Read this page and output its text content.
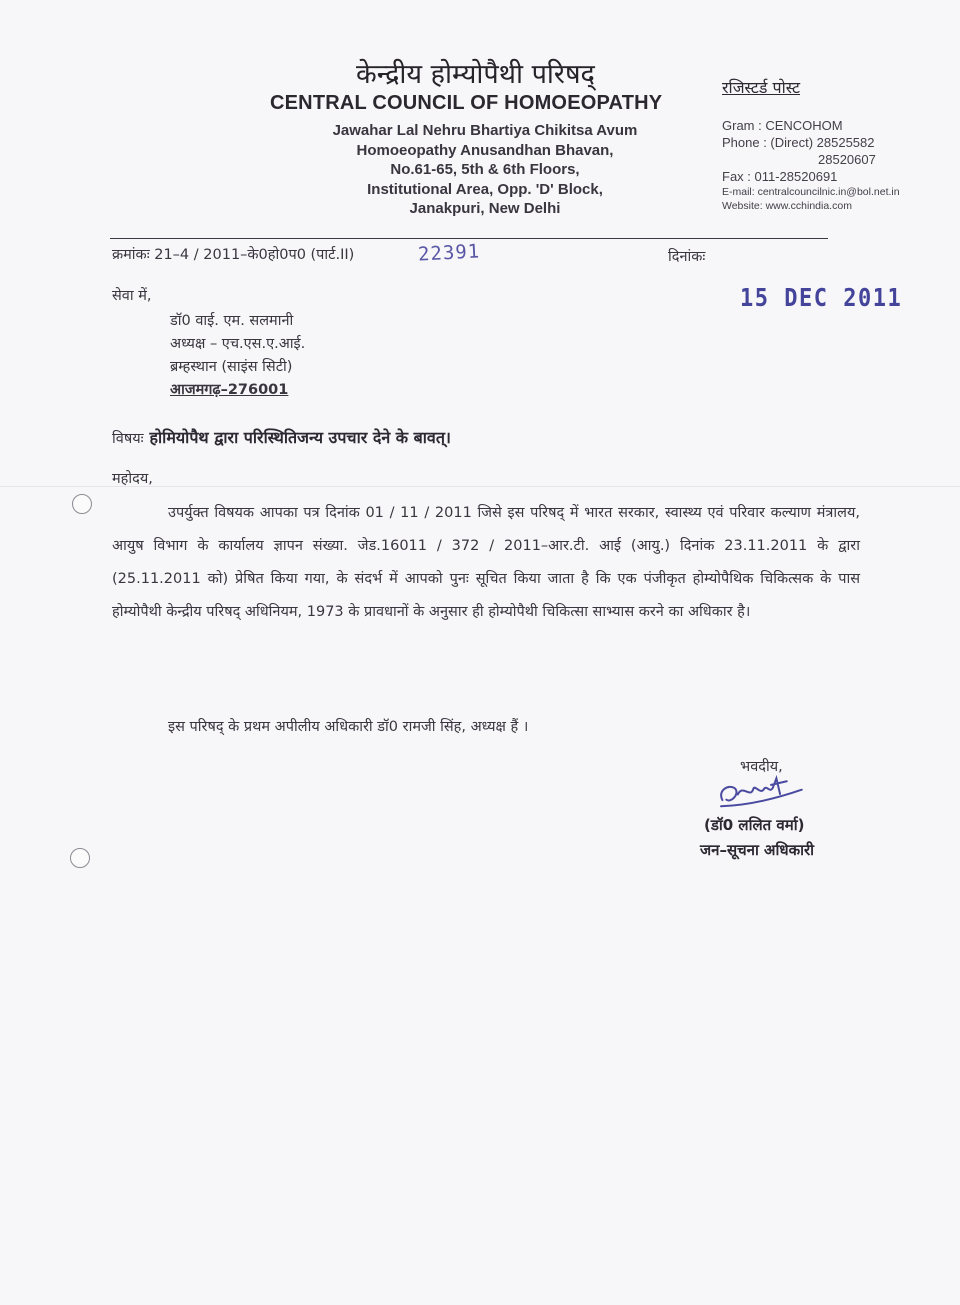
केन्द्रीय होम्योपैथी परिषद्
CENTRAL COUNCIL OF HOMOEOPATHY
Jawahar Lal Nehru Bhartiya Chikitsa Avum
Homoeopathy Anusandhan Bhavan,
No.61-65, 5th & 6th Floors,
Institutional Area, Opp. 'D' Block,
Janakpuri, New Delhi
रजिस्टर्ड पोस्ट
Gram : CENCOHOM
Phone : (Direct) 28525582
28520607
Fax : 011-28520691
E-mail: centralcouncilnic.in@bol.net.in
Website: www.cchindia.com
क्रमांकः 21–4 / 2011–के0हो0प0 (पार्ट.II)	22391	दिनांकः
15 DEC 2011
सेवा में,
डॉ0 वाई. एम. सलमानी
अध्यक्ष – एच.एस.ए.आई.
ब्रम्हस्थान (साइंस सिटी)
आजमगढ़–276001
विषयः होमियोपैथ द्वारा परिस्थितिजन्य उपचार देने के बावत्।
महोदय,
उपर्युक्त विषयक आपका पत्र दिनांक 01 / 11 / 2011 जिसे इस परिषद् में भारत सरकार, स्वास्थ्य एवं परिवार कल्याण मंत्रालय, आयुष विभाग के कार्यालय ज्ञापन संख्या. जेड.16011 / 372 / 2011–आर.टी. आई (आयु.) दिनांक 23.11.2011 के द्वारा (25.11.2011 को) प्रेषित किया गया, के संदर्भ में आपको पुनः सूचित किया जाता है कि एक पंजीकृत होम्योपैथिक चिकित्सक के पास होम्योपैथी केन्द्रीय परिषद् अधिनियम, 1973 के प्रावधानों के अनुसार ही होम्योपैथी चिकित्सा साभ्यास करने का अधिकार है।
इस परिषद् के प्रथम अपीलीय अधिकारी डॉ0 रामजी सिंह, अध्यक्ष हैं ।
भवदीय,
(डॉ0 ललित वर्मा)
जन–सूचना अधिकारी
